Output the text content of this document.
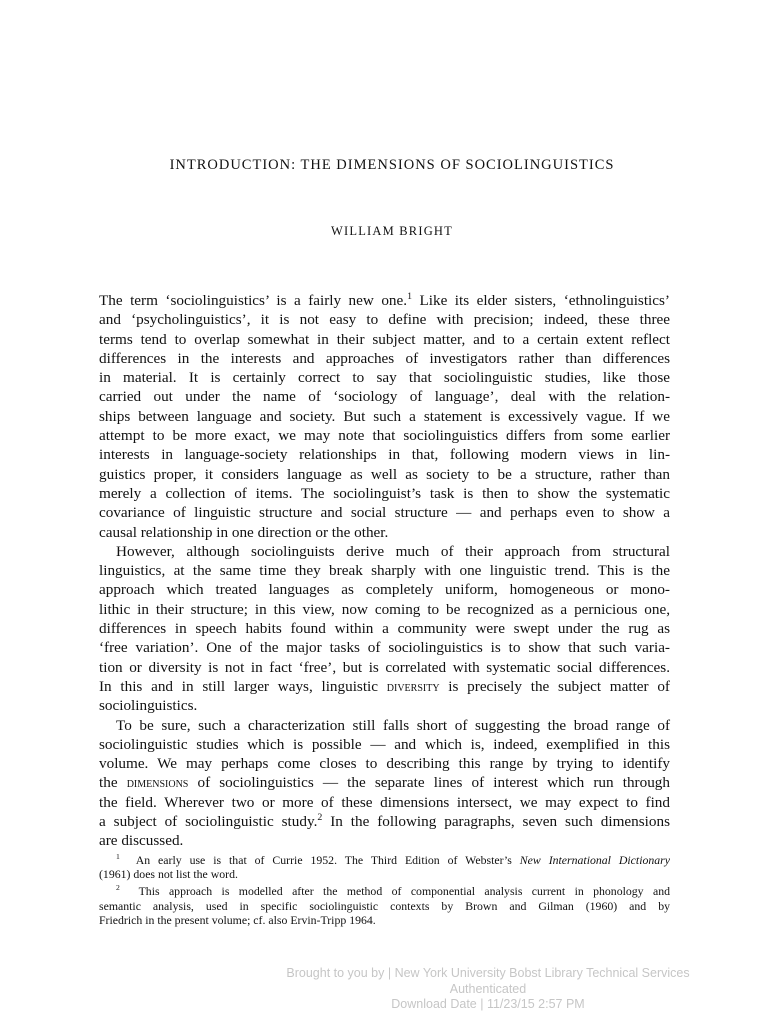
INTRODUCTION: THE DIMENSIONS OF SOCIOLINGUISTICS
WILLIAM BRIGHT
The term ‘sociolinguistics’ is a fairly new one.$^1$ Like its elder sisters, ‘ethnolinguistics’
and ‘psycholinguistics’, it is not easy to define with precision; indeed, these three
terms tend to overlap somewhat in their subject matter, and to a certain extent reflect
differences in the interests and approaches of investigators rather than differences
in material. It is certainly correct to say that sociolinguistic studies, like those
carried out under the name of ‘sociology of language’, deal with the relation-
ships between language and society. But such a statement is excessively vague. If we
attempt to be more exact, we may note that sociolinguistics differs from some earlier
interests in language-society relationships in that, following modern views in lin-
guistics proper, it considers language as well as society to be a structure, rather than
merely a collection of items. The sociolinguist’s task is then to show the systematic
covariance of linguistic structure and social structure — and perhaps even to show a
causal relationship in one direction or the other.
However, although sociolinguists derive much of their approach from structural
linguistics, at the same time they break sharply with one linguistic trend. This is the
approach which treated languages as completely uniform, homogeneous or mono-
lithic in their structure; in this view, now coming to be recognized as a pernicious one,
differences in speech habits found within a community were swept under the rug as
‘free variation’. One of the major tasks of sociolinguistics is to show that such varia-
tion or diversity is not in fact ‘free’, but is correlated with systematic social differences.
In this and in still larger ways, linguistic diversity is precisely the subject matter of
sociolinguistics.
To be sure, such a characterization still falls short of suggesting the broad range of
sociolinguistic studies which is possible — and which is, indeed, exemplified in this
volume. We may perhaps come closes to describing this range by trying to identify
the dimensions of sociolinguistics — the separate lines of interest which run through
the field. Wherever two or more of these dimensions intersect, we may expect to find
a subject of sociolinguistic study.$^2$ In the following paragraphs, seven such dimensions
are discussed.
$^1$ An early use is that of Currie 1952. The Third Edition of Webster’s New International Dictionary
(1961) does not list the word.
$^2$ This approach is modelled after the method of componential analysis current in phonology and
semantic analysis, used in specific sociolinguistic contexts by Brown and Gilman (1960) and by
Friedrich in the present volume; cf. also Ervin-Tripp 1964.
Brought to you by | New York University Bobst Library Technical Services
Authenticated
Download Date | 11/23/15 2:57 PM
